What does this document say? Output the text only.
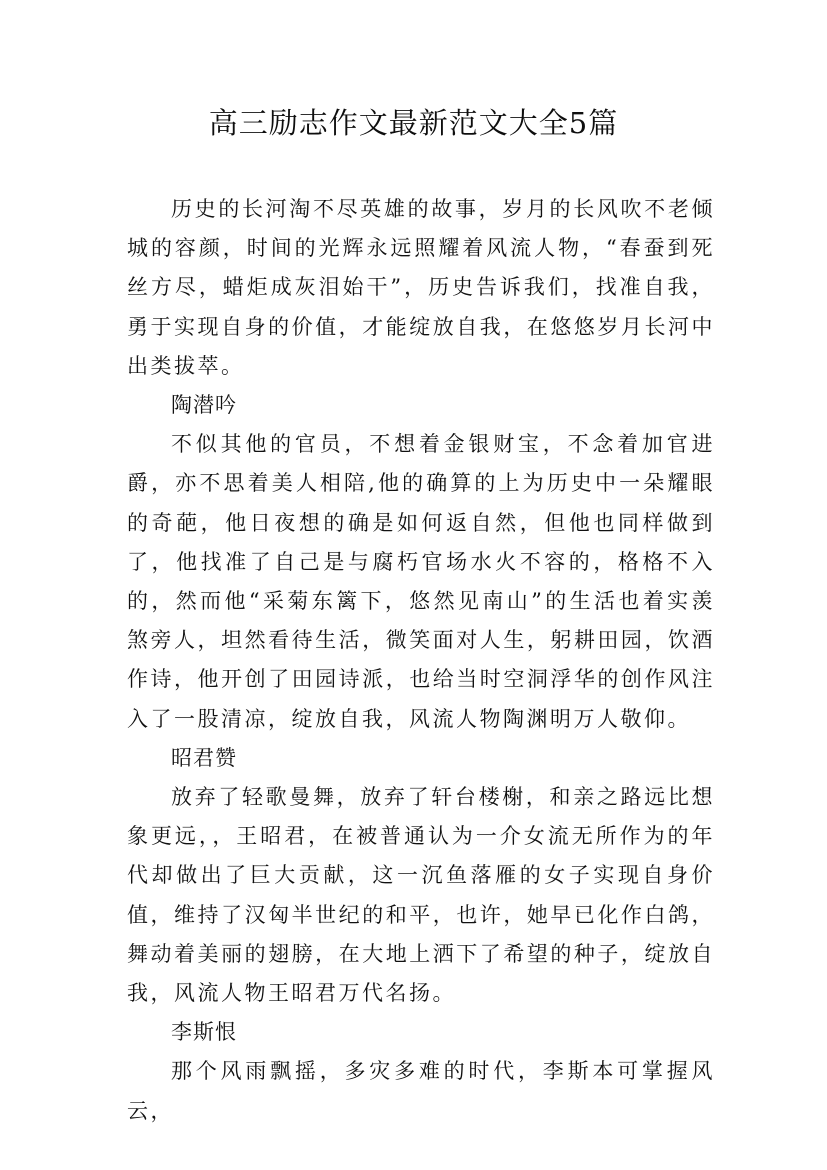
高三励志作文最新范文大全5篇

历史的长河淘不尽英雄的故事，岁月的长风吹不老倾城的容颜，时间的光辉永远照耀着风流人物，“春蚕到死丝方尽，蜡炬成灰泪始干”，历史告诉我们，找准自我，勇于实现自身的价值，才能绽放自我，在悠悠岁月长河中出类拔萃。

陶潜吟

不似其他的官员，不想着金银财宝，不念着加官进爵，亦不思着美人相陪,他的确算的上为历史中一朵耀眼的奇葩，他日夜想的确是如何返自然，但他也同样做到了，他找准了自己是与腐朽官场水火不容的，格格不入的，然而他“采菊东篱下，悠然见南山”的生活也着实羡煞旁人，坦然看待生活，微笑面对人生，躬耕田园，饮酒作诗，他开创了田园诗派，也给当时空洞浮华的创作风注入了一股清凉，绽放自我，风流人物陶渊明万人敬仰。

昭君赞

放弃了轻歌曼舞，放弃了轩台楼榭，和亲之路远比想象更远，，王昭君，在被普通认为一介女流无所作为的年代却做出了巨大贡献，这一沉鱼落雁的女子实现自身价值，维持了汉匈半世纪的和平，也许，她早已化作白鸽，舞动着美丽的翅膀，在大地上洒下了希望的种子，绽放自我，风流人物王昭君万代名扬。

李斯恨

那个风雨飘摇，多灾多难的时代，李斯本可掌握风云，
